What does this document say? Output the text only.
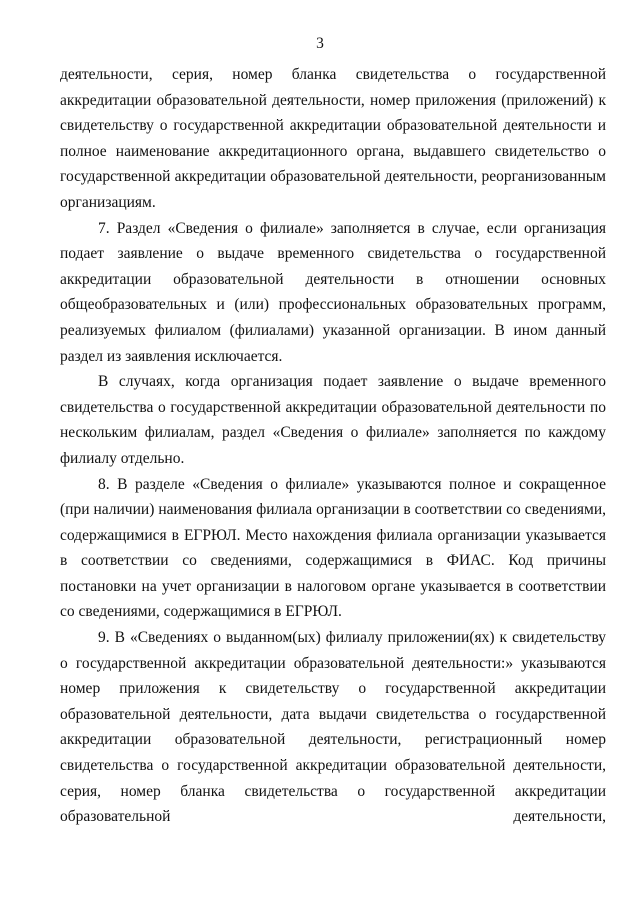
3

деятельности, серия, номер бланка свидетельства о государственной аккредитации образовательной деятельности, номер приложения (приложений) к свидетельству о государственной аккредитации образовательной деятельности и полное наименование аккредитационного органа, выдавшего свидетельство о государственной аккредитации образовательной деятельности, реорганизованным организациям.

7. Раздел «Сведения о филиале» заполняется в случае, если организация подает заявление о выдаче временного свидетельства о государственной аккредитации образовательной деятельности в отношении основных общеобразовательных и (или) профессиональных образовательных программ, реализуемых филиалом (филиалами) указанной организации. В ином данный раздел из заявления исключается.

В случаях, когда организация подает заявление о выдаче временного свидетельства о государственной аккредитации образовательной деятельности по нескольким филиалам, раздел «Сведения о филиале» заполняется по каждому филиалу отдельно.

8. В разделе «Сведения о филиале» указываются полное и сокращенное (при наличии) наименования филиала организации в соответствии со сведениями, содержащимися в ЕГРЮЛ. Место нахождения филиала организации указывается в соответствии со сведениями, содержащимися в ФИАС. Код причины постановки на учет организации в налоговом органе указывается в соответствии со сведениями, содержащимися в ЕГРЮЛ.

9. В «Сведениях о выданном(ых) филиалу приложении(ях) к свидетельству о государственной аккредитации образовательной деятельности:» указываются номер приложения к свидетельству о государственной аккредитации образовательной деятельности, дата выдачи свидетельства о государственной аккредитации образовательной деятельности, регистрационный номер свидетельства о государственной аккредитации образовательной деятельности, серия, номер бланка свидетельства о государственной аккредитации образовательной деятельности,
